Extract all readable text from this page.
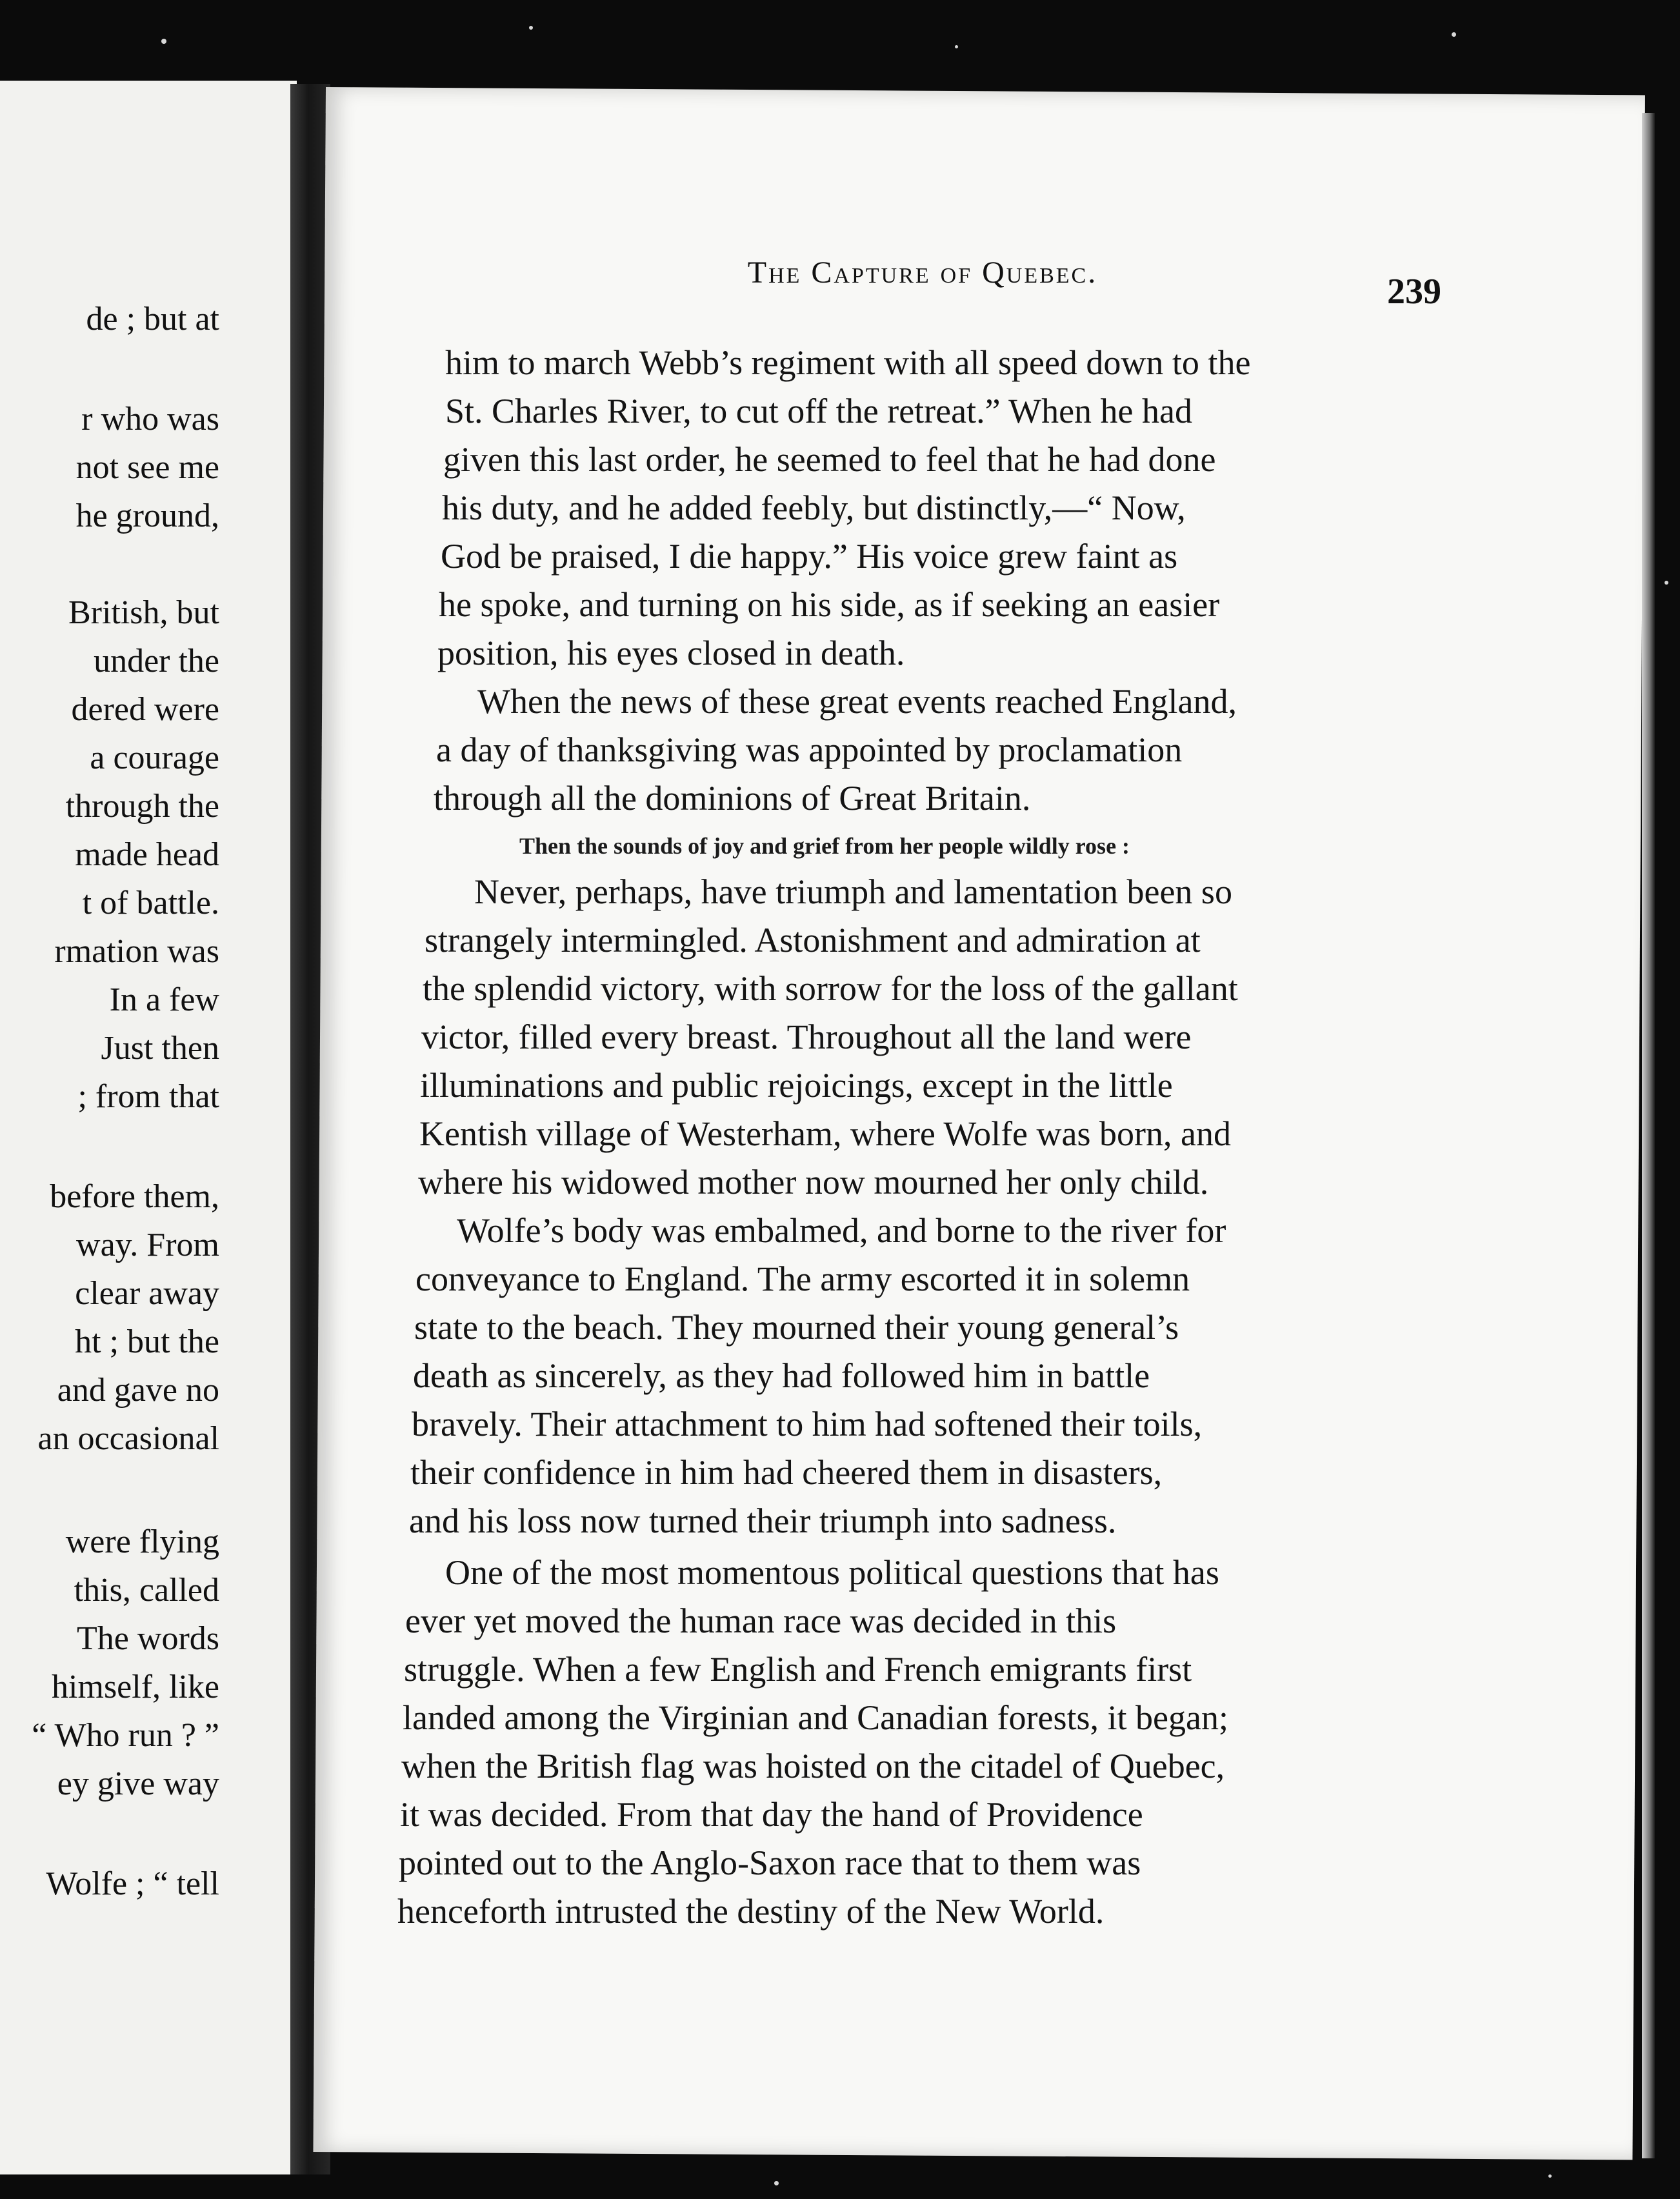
de ; but at
r who was
not see me
he ground,
British, but
under the
dered were
a courage
through the
made head
t of battle.
rmation was
In a few
Just then
; from that
before them,
way. From
clear away
ht ; but the
and gave no
an occasional
were flying
this, called
The words
himself, like
“ Who run ? ”
ey give way
Wolfe ; “ tell
The Capture of Quebec.	239
him to march Webb’s regiment with all speed down to the
St. Charles River, to cut off the retreat.” When he had
given this last order, he seemed to feel that he had done
his duty, and he added feebly, but distinctly,—“ Now,
God be praised, I die happy.” His voice grew faint as
he spoke, and turning on his side, as if seeking an easier
position, his eyes closed in death.
When the news of these great events reached England,
a day of thanksgiving was appointed by proclamation
through all the dominions of Great Britain.
Then the sounds of joy and grief from her people wildly rose :
Never, perhaps, have triumph and lamentation been so
strangely intermingled. Astonishment and admiration at
the splendid victory, with sorrow for the loss of the gallant
victor, filled every breast. Throughout all the land were
illuminations and public rejoicings, except in the little
Kentish village of Westerham, where Wolfe was born, and
where his widowed mother now mourned her only child.
Wolfe’s body was embalmed, and borne to the river for
conveyance to England. The army escorted it in solemn
state to the beach. They mourned their young general’s
death as sincerely, as they had followed him in battle
bravely. Their attachment to him had softened their toils,
their confidence in him had cheered them in disasters,
and his loss now turned their triumph into sadness.
One of the most momentous political questions that has
ever yet moved the human race was decided in this
struggle. When a few English and French emigrants first
landed among the Virginian and Canadian forests, it began;
when the British flag was hoisted on the citadel of Quebec,
it was decided. From that day the hand of Providence
pointed out to the Anglo-Saxon race that to them was
henceforth intrusted the destiny of the New World.
